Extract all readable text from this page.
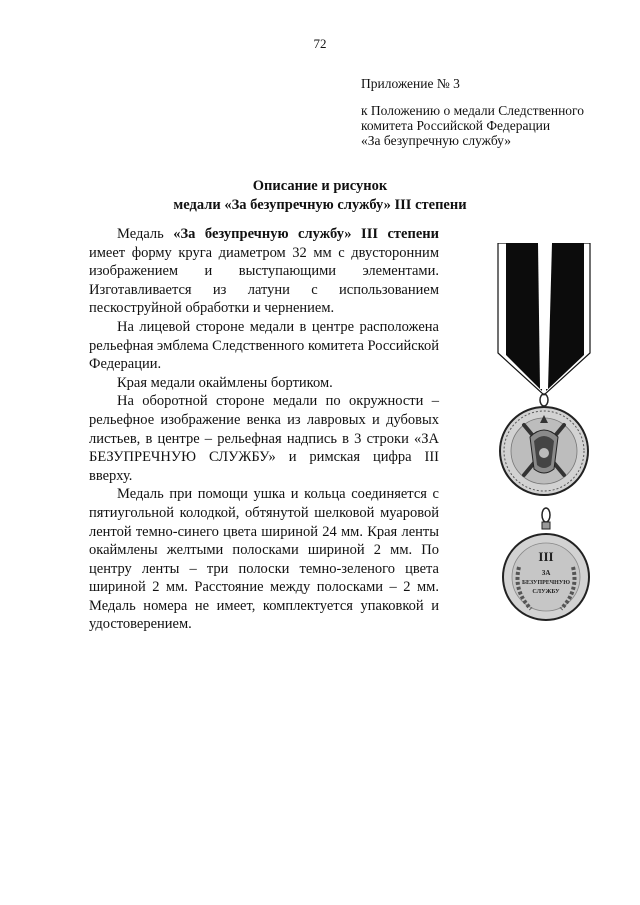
72
Приложение № 3
к Положению о медали Следственного
комитета Российской Федерации
«За безупречную службу»
Описание и рисунок
медали «За безупречную службу» III степени

Медаль «За безупречную службу» III степени имеет форму круга диаметром 32 мм с двусторонним изображением и выступающими элементами. Изготавливается из латуни с использованием пескоструйной обработки и чернением.

На лицевой стороне медали в центре расположена рельефная эмблема Следственного комитета Российской Федерации.

Края медали окаймлены бортиком.

На оборотной стороне медали по окружности – рельефное изображение венка из лавровых и дубовых листьев, в центре – рельефная надпись в 3 строки «ЗА БЕЗУПРЕЧНУЮ СЛУЖБУ» и римская цифра III вверху.

Медаль при помощи ушка и кольца соединяется с пятиугольной колодкой, обтянутой шелковой муаровой лентой темно-синего цвета шириной 24 мм. Края ленты окаймлены желтыми полосками шириной 2 мм. По центру ленты – три полоски темно-зеленого цвета шириной 2 мм. Расстояние между полосками – 2 мм. Медаль номера не имеет, комплектуется упаковкой и удостоверением.

III
ЗА
БЕЗУПРЕЧНУЮ
СЛУЖБУ
